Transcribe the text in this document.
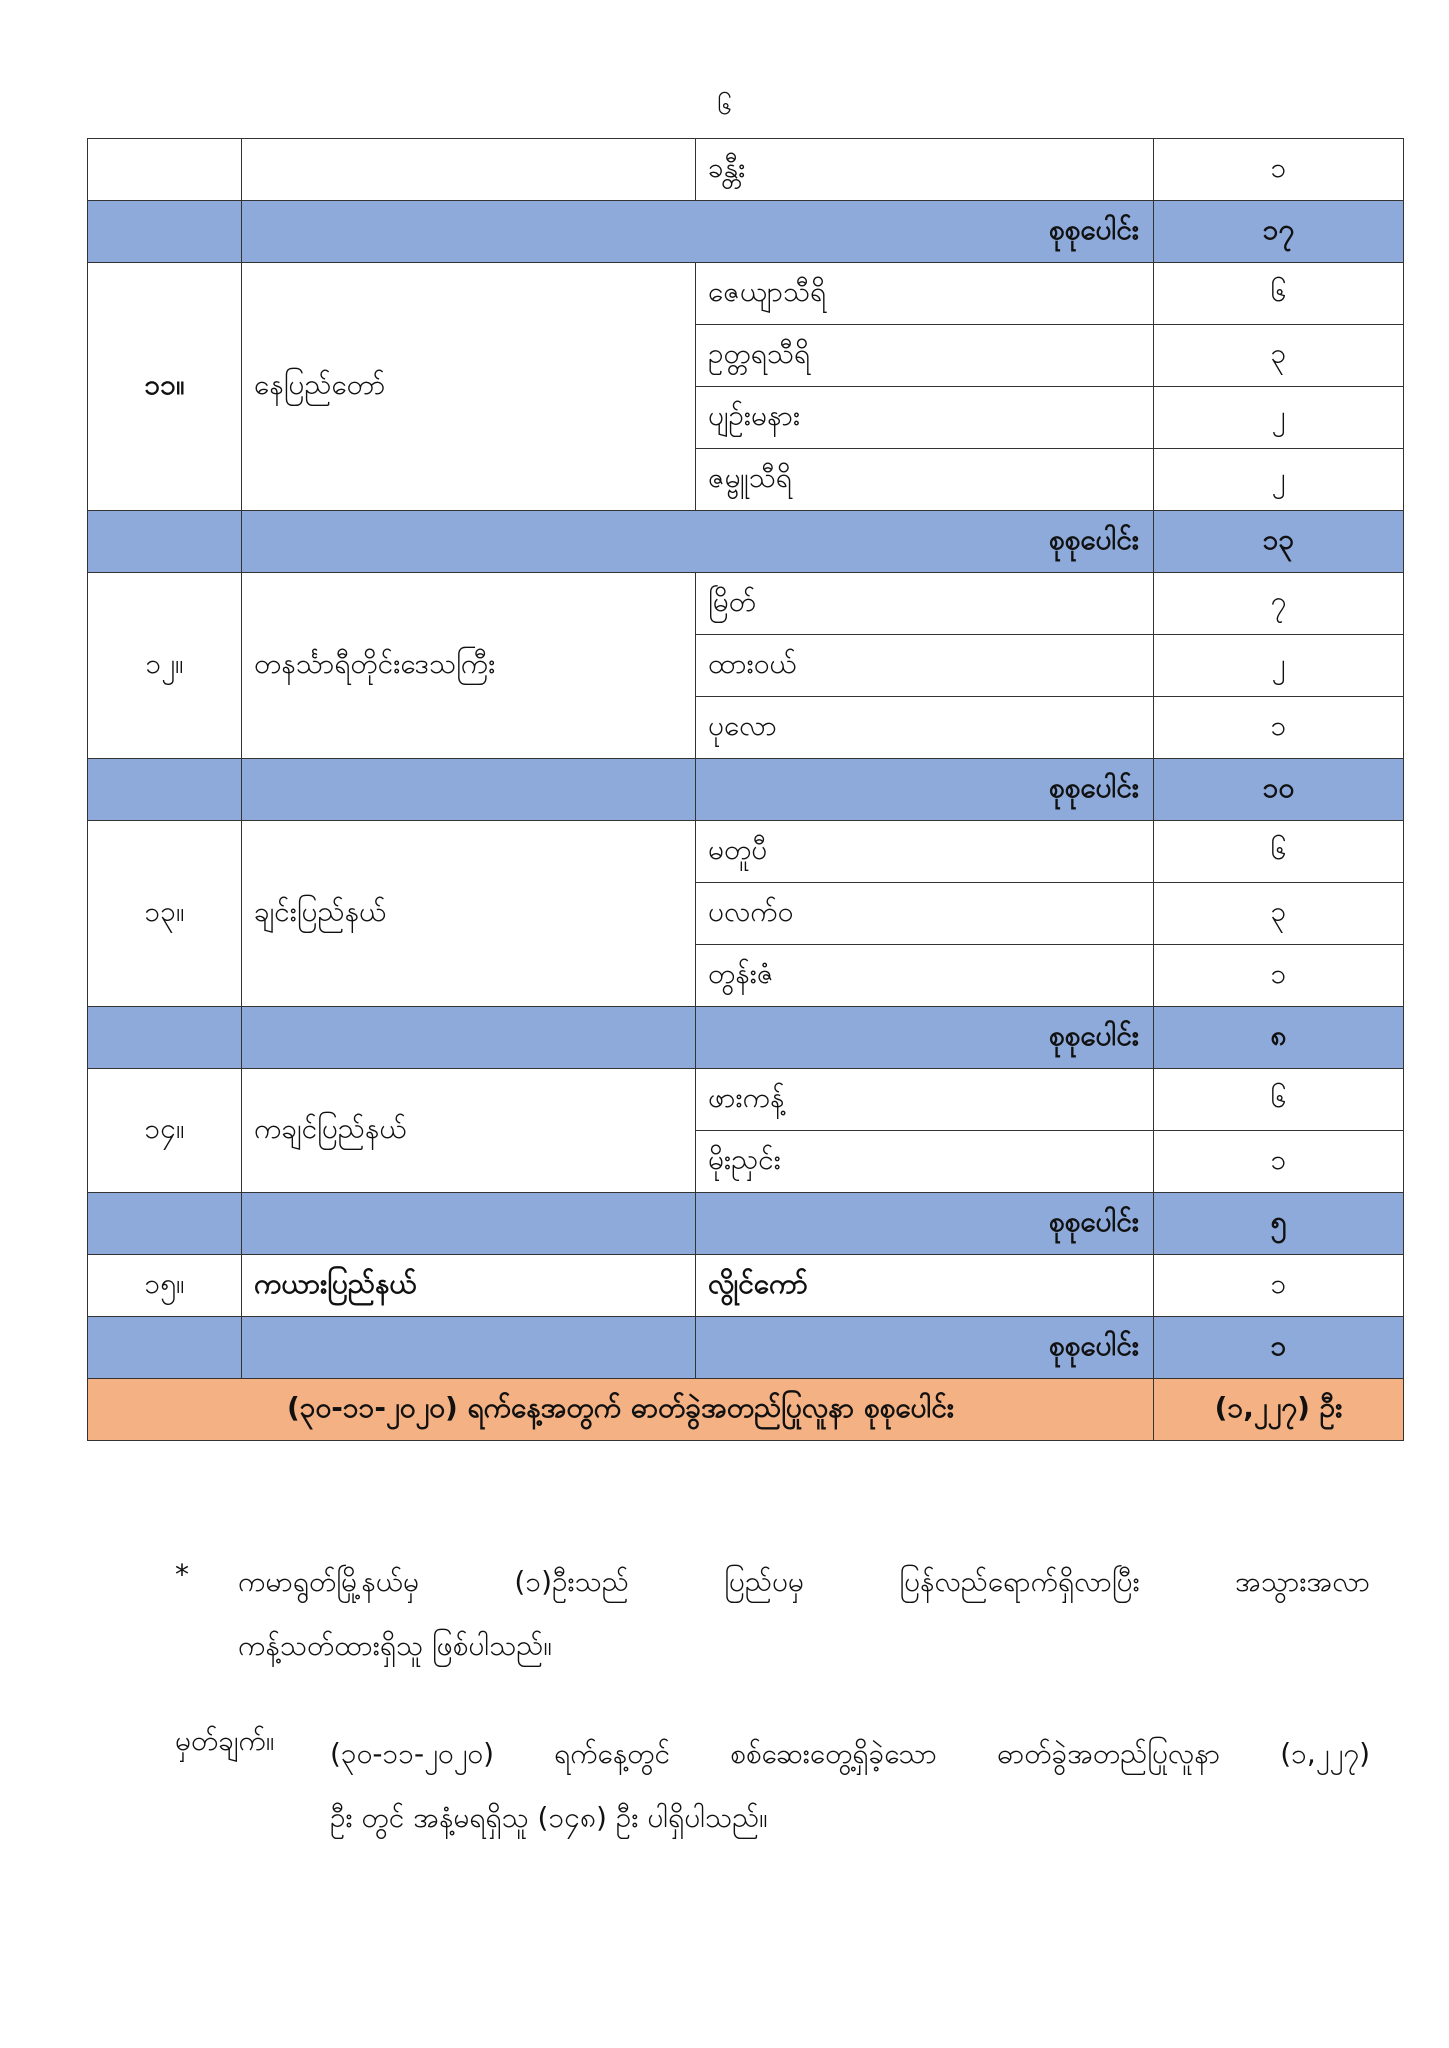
၆
		ခန္တီး	၁
	စုစုပေါင်း		၁၇
၁၁။	နေပြည်တော်	ဇေယျာသီရိ	၆
		ဥတ္တရသီရိ	၃
		ပျဉ်းမနား	၂
		ဇမ္ဗူသီရိ	၂
	စုစုပေါင်း		၁၃
၁၂။	တနင်္သာရီတိုင်းဒေသကြီး	မြိတ်	၇
		ထားဝယ်	၂
		ပုလော	၁
		စုစုပေါင်း	၁၀
၁၃။	ချင်းပြည်နယ်	မတူပီ	၆
		ပလက်ဝ	၃
		တွန်းဇံ	၁
		စုစုပေါင်း	၈
၁၄။	ကချင်ပြည်နယ်	ဖားကန့်	၆
		မိုးညှင်း	၁
		စုစုပေါင်း	၅
၁၅။	ကယားပြည်နယ်	လွိုင်ကော်	၁
		စုစုပေါင်း	၁
(၃၀-၁၁-၂၀၂၀) ရက်နေ့အတွက် ဓာတ်ခွဲအတည်ပြုလူနာ စုစုပေါင်း			(၁,၂၂၇) ဦး
* ကမာရွတ်မြို့နယ်မှ (၁)ဦးသည် ပြည်ပမှ ပြန်လည်ရောက်ရှိလာပြီး အသွားအလာ
ကန့်သတ်ထားရှိသူ ဖြစ်ပါသည်။
မှတ်ချက်။ (၃၀-၁၁-၂၀၂၀) ရက်နေ့တွင် စစ်ဆေးတွေ့ရှိခဲ့သော ဓာတ်ခွဲအတည်ပြုလူနာ (၁,၂၂၇)
ဦး တွင် အနံ့မရရှိသူ (၁၄၈) ဦး ပါရှိပါသည်။
